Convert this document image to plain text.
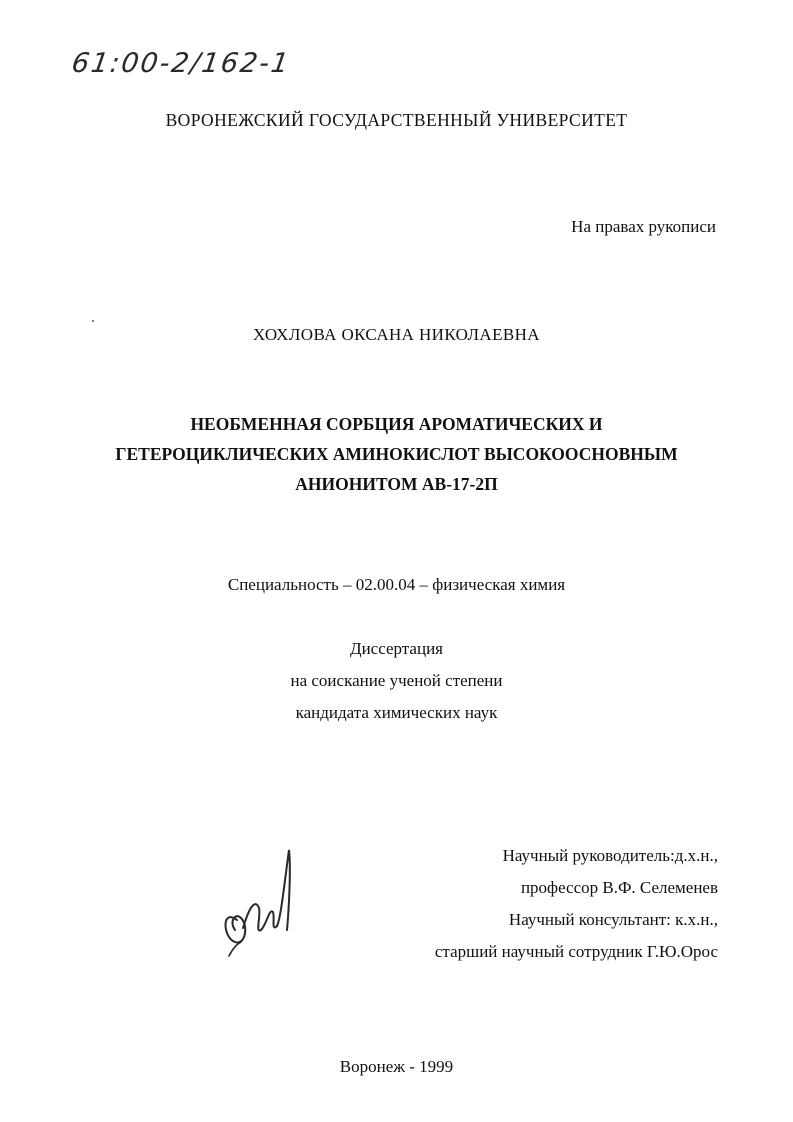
61:00-2/162-1
ВОРОНЕЖСКИЙ ГОСУДАРСТВЕННЫЙ УНИВЕРСИТЕТ
На правах рукописи
ХОХЛОВА ОКСАНА НИКОЛАЕВНА
НЕОБМЕННАЯ СОРБЦИЯ АРОМАТИЧЕСКИХ И
ГЕТЕРОЦИКЛИЧЕСКИХ АМИНОКИСЛОТ ВЫСОКООСНОВНЫМ
АНИОНИТОМ АВ-17-2П
Специальность – 02.00.04 – физическая химия
Диссертация
на соискание ученой степени
кандидата химических наук
Научный руководитель:д.х.н.,
профессор В.Ф. Селеменев
Научный консультант: к.х.н.,
старший научный сотрудник Г.Ю.Орос
Воронеж - 1999
